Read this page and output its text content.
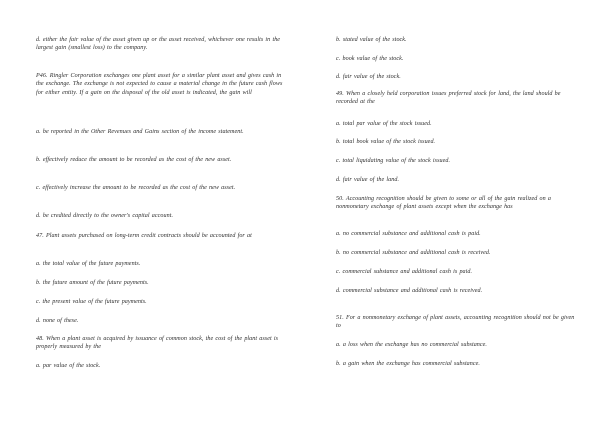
d. either the fair value of the asset given up or the asset received, whichever one results in the largest gain (smallest loss) to the company.
P46. Ringler Corporation exchanges one plant asset for a similar plant asset and gives cash in the exchange. The exchange is not expected to cause a material change in the future cash flows for either entity. If a gain on the disposal of the old asset is indicated, the gain will
a. be reported in the Other Revenues and Gains section of the income statement.
b. effectively reduce the amount to be recorded as the cost of the new asset.
c. effectively increase the amount to be recorded as the cost of the new asset.
d. be credited directly to the owner's capital account.
47. Plant assets purchased on long-term credit contracts should be accounted for at
a. the total value of the future payments.
b. the future amount of the future payments.
c. the present value of the future payments.
d. none of these.
48. When a plant asset is acquired by issuance of common stock, the cost of the plant asset is properly measured by the
a. par value of the stock.
b. stated value of the stock.
c. book value of the stock.
d. fair value of the stock.
49. When a closely held corporation issues preferred stock for land, the land should be recorded at the
a. total par value of the stock issued.
b. total book value of the stock issued.
c. total liquidating value of the stock issued.
d. fair value of the land.
50. Accounting recognition should be given to some or all of the gain realized on a nonmonetary exchange of plant assets except when the exchange has
a. no commercial substance and additional cash is paid.
b. no commercial substance and additional cash is received.
c. commercial substance and additional cash is paid.
d. commercial substance and additional cash is received.
51. For a nonmonetary exchange of plant assets, accounting recognition should not be given to
a. a loss when the exchange has no commercial substance.
b. a gain when the exchange has commercial substance.
